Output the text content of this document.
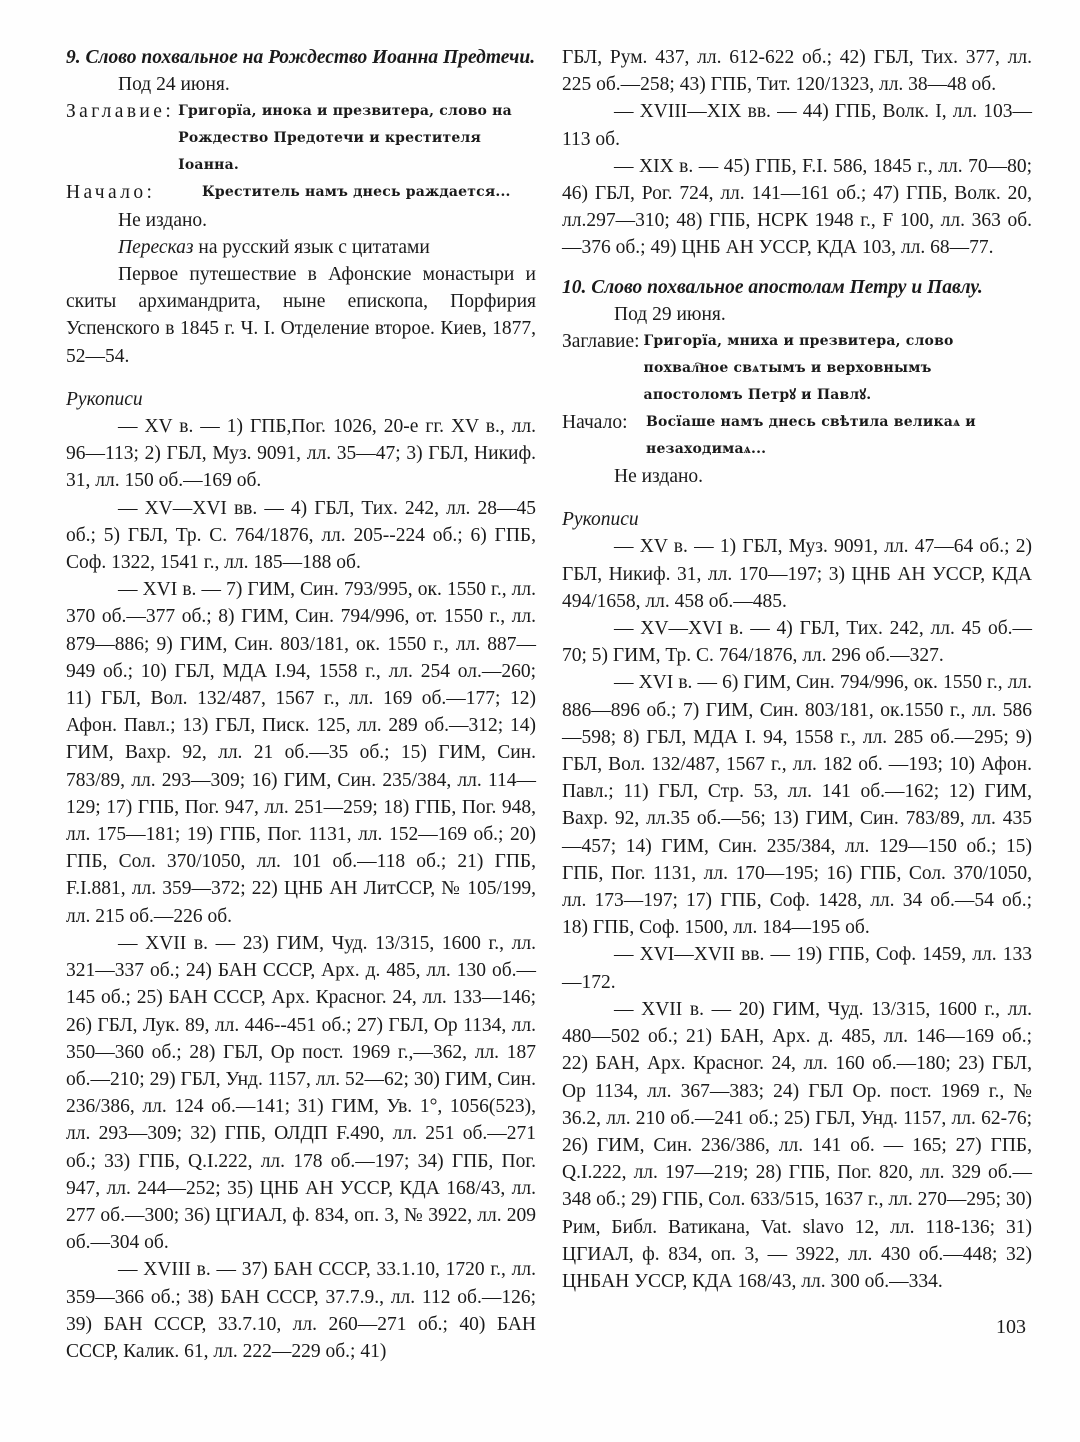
9. Слово похвальное на Рождество Иоанна Предтечи.

Под 24 июня.

Заглавие: Григорїа, инока и презвитера, слово на Рождество Предотечи и крестителя Iоанна.
Начало:	Креститель намъ днесь раждается...

Не издано.

Пересказ на русский язык с цитатами

Первое путешествие в Афонские монастыри и скиты архимандрита, ныне епископа, Порфирия Успенского в 1845 г. Ч. I. Отделение второе. Киев, 1877, 52—54.

Рукописи

— XV в. — 1) ГПБ,Пог. 1026, 20-е гг. XV в., лл. 96—113; 2) ГБЛ, Муз. 9091, лл. 35—47; 3) ГБЛ, Никиф. 31, лл. 150 об.—169 об.

— XV—XVI вв. — 4) ГБЛ, Тих. 242, лл. 28—45 об.; 5) ГБЛ, Тр. С. 764/1876, лл. 205--224 об.; 6) ГПБ, Соф. 1322, 1541 г., лл. 185—188 об.

— XVI в. — 7) ГИМ, Син. 793/995, ок. 1550 г., лл. 370 об.—377 об.; 8) ГИМ, Син. 794/996, от. 1550 г., лл. 879—886; 9) ГИМ, Син. 803/181, ок. 1550 г., лл. 887—949 об.; 10) ГБЛ, МДА I.94, 1558 г., лл. 254 ол.—260; 11) ГБЛ, Вол. 132/487, 1567 г., лл. 169 об.—177; 12) Афон. Павл.; 13) ГБЛ, Писк. 125, лл. 289 об.—312; 14) ГИМ, Вахр. 92, лл. 21 об.—35 об.; 15) ГИМ, Син. 783/89, лл. 293—309; 16) ГИМ, Син. 235/384, лл. 114—129; 17) ГПБ, Пог. 947, лл. 251—259; 18) ГПБ, Пог. 948, лл. 175—181; 19) ГПБ, Пог. 1131, лл. 152—169 об.; 20) ГПБ, Сол. 370/1050, лл. 101 об.—118 об.; 21) ГПБ, F.I.881, лл. 359—372; 22) ЦНБ АН ЛитССР, № 105/199, лл. 215 об.—226 об.

— XVII в. — 23) ГИМ, Чуд. 13/315, 1600 г., лл. 321—337 об.; 24) БАН СССР, Арх. д. 485, лл. 130 об.—145 об.; 25) БАН СССР, Арх. Красног. 24, лл. 133—146; 26) ГБЛ, Лук. 89, лл. 446--451 об.; 27) ГБЛ, Ор 1134, лл. 350—360 об.; 28) ГБЛ, Ор пост. 1969 г.,—362, лл. 187 об.—210; 29) ГБЛ, Унд. 1157, лл. 52—62; 30) ГИМ, Син. 236/386, лл. 124 об.—141; 31) ГИМ, Ув. 1°, 1056(523), лл. 293—309; 32) ГПБ, ОЛДП F.490, лл. 251 об.—271 об.; 33) ГПБ, Q.I.222, лл. 178 об.—197; 34) ГПБ, Пог. 947, лл. 244—252; 35) ЦНБ АН УССР, КДА 168/43, лл. 277 об.—300; 36) ЦГИАЛ, ф. 834, оп. 3, № 3922, лл. 209 об.—304 об.

— XVIII в. — 37) БАН СССР, 33.1.10, 1720 г., лл. 359—366 об.; 38) БАН СССР, 37.7.9., лл. 112 об.—126; 39) БАН СССР, 33.7.10, лл. 260—271 об.; 40) БАН СССР, Калик. 61, лл. 222—229 об.; 41)

ГБЛ, Рум. 437, лл. 612-622 об.; 42) ГБЛ, Тих. 377, лл. 225 об.—258; 43) ГПБ, Тит. 120/1323, лл. 38—48 об.

— XVIII—XIX вв. — 44) ГПБ, Волк. I, лл. 103—113 об.

— XIX в. — 45) ГПБ, F.I. 586, 1845 г., лл. 70—80; 46) ГБЛ, Рог. 724, лл. 141—161 об.; 47) ГПБ, Волк. 20, лл.297—310; 48) ГПБ, НСРК 1948 г., F 100, лл. 363 об.—376 об.; 49) ЦНБ АН УССР, КДА 103, лл. 68—77.

10. Слово похвальное апостолам Петру и Павлу.

Под 29 июня.

Заглавие: Григорїа, мниха и презвитера, слово похвал҇ное свѧтымъ и верховнымъ апостоломъ Петрꙋ и Павлꙋ.
Начало:	Восїаше намъ днесь свѣтила великаѧ и незаходимаѧ...

Не издано.

Рукописи

— XV в. — 1) ГБЛ, Муз. 9091, лл. 47—64 об.; 2) ГБЛ, Никиф. 31, лл. 170—197; 3) ЦНБ АН УССР, КДА 494/1658, лл. 458 об.—485.

— XV—XVI в. — 4) ГБЛ, Тих. 242, лл. 45 об.—70; 5) ГИМ, Тр. С. 764/1876, лл. 296 об.—327.

— XVI в. — 6) ГИМ, Син. 794/996, ок. 1550 г., лл. 886—896 об.; 7) ГИМ, Син. 803/181, ок.1550 г., лл. 586—598; 8) ГБЛ, МДА I. 94, 1558 г., лл. 285 об.—295; 9) ГБЛ, Вол. 132/487, 1567 г., лл. 182 об. —193; 10) Афон. Павл.; 11) ГБЛ, Стр. 53, лл. 141 об.—162; 12) ГИМ, Вахр. 92, лл.35 об.—56; 13) ГИМ, Син. 783/89, лл. 435—457; 14) ГИМ, Син. 235/384, лл. 129—150 об.; 15) ГПБ, Пог. 1131, лл. 170—195; 16) ГПБ, Сол. 370/1050, лл. 173—197; 17) ГПБ, Соф. 1428, лл. 34 об.—54 об.; 18) ГПБ, Соф. 1500, лл. 184—195 об.

— XVI—XVII вв. — 19) ГПБ, Соф. 1459, лл. 133—172.

— XVII в. — 20) ГИМ, Чуд. 13/315, 1600 г., лл. 480—502 об.; 21) БАН, Арх. д. 485, лл. 146—169 об.; 22) БАН, Арх. Красног. 24, лл. 160 об.—180; 23) ГБЛ, Ор 1134, лл. 367—383; 24) ГБЛ Ор. пост. 1969 г., № 36.2, лл. 210 об.—241 об.; 25) ГБЛ, Унд. 1157, лл. 62-76; 26) ГИМ, Син. 236/386, лл. 141 об. — 165; 27) ГПБ, Q.I.222, лл. 197—219; 28) ГПБ, Пог. 820, лл. 329 об.—348 об.; 29) ГПБ, Сол. 633/515, 1637 г., лл. 270—295; 30) Рим, Библ. Ватикана, Vat. slavo 12, лл. 118-136; 31) ЦГИАЛ, ф. 834, оп. 3, — 3922, лл. 430 об.—448; 32) ЦНБАН УССР, КДА 168/43, лл. 300 об.—334.

103
